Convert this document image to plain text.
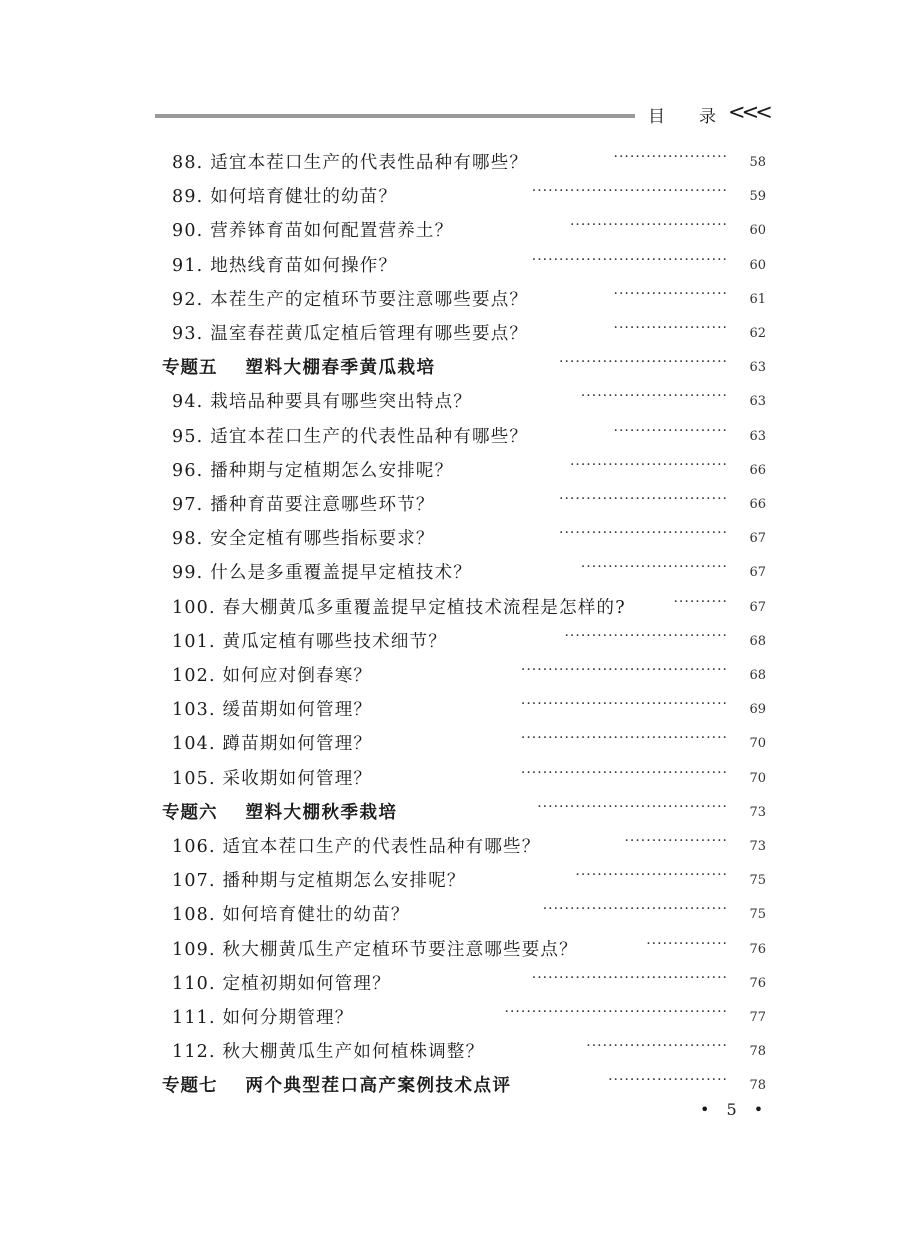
目　　录 <<<
88. 适宜本茬口生产的代表性品种有哪些？	·····················	58
89. 如何培育健壮的幼苗？	····································	59
90. 营养钵育苗如何配置营养土？	·····························	60
91. 地热线育苗如何操作？	····································	60
92. 本茬生产的定植环节要注意哪些要点？	·····················	61
93. 温室春茬黄瓜定植后管理有哪些要点？	·····················	62
专题五 塑料大棚春季黄瓜栽培	·······························	63
94. 栽培品种要具有哪些突出特点？	···························	63
95. 适宜本茬口生产的代表性品种有哪些？	·····················	63
96. 播种期与定植期怎么安排呢？	·····························	66
97. 播种育苗要注意哪些环节？	·······························	66
98. 安全定植有哪些指标要求？	·······························	67
99. 什么是多重覆盖提早定植技术？	···························	67
100. 春大棚黄瓜多重覆盖提早定植技术流程是怎样的?	··········	67
101. 黄瓜定植有哪些技术细节？	······························	68
102. 如何应对倒春寒？	······································	68
103. 缓苗期如何管理？	······································	69
104. 蹲苗期如何管理？	······································	70
105. 采收期如何管理？	······································	70
专题六 塑料大棚秋季栽培	···································	73
106. 适宜本茬口生产的代表性品种有哪些？	···················	73
107. 播种期与定植期怎么安排呢？	····························	75
108. 如何培育健壮的幼苗？	··································	75
109. 秋大棚黄瓜生产定植环节要注意哪些要点？	···············	76
110. 定植初期如何管理？	····································	76
111. 如何分期管理？	·········································	77
112. 秋大棚黄瓜生产如何植株调整？	··························	78
专题七 两个典型茬口高产案例技术点评	······················	78
• 5 •
